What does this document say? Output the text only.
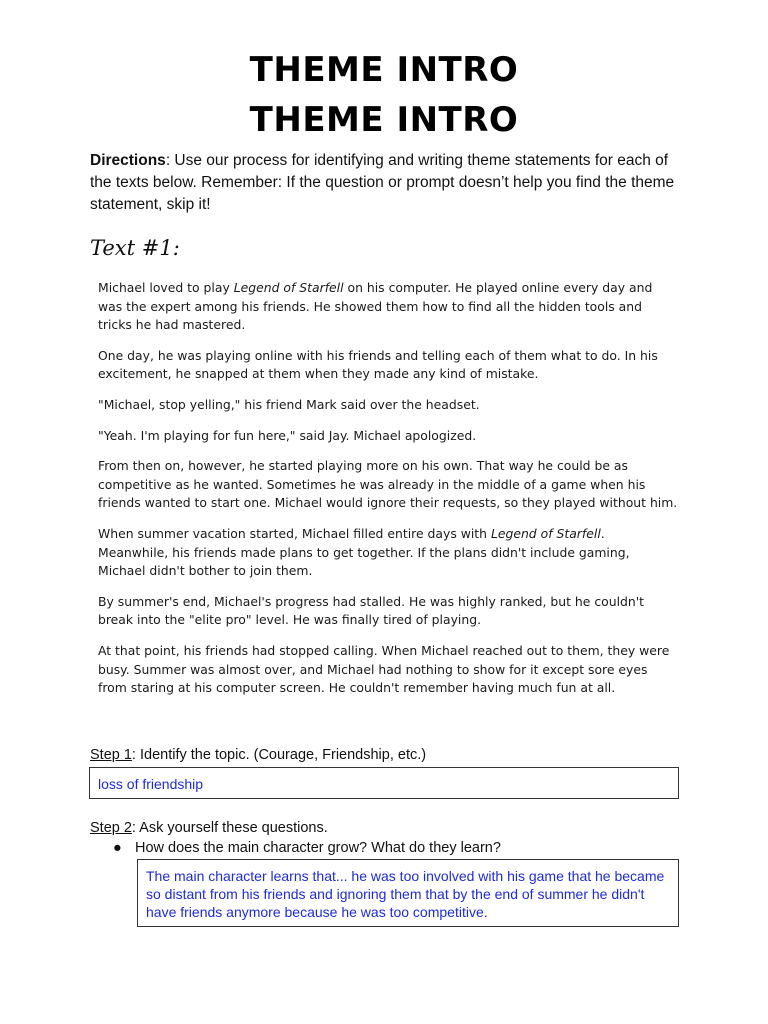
THEME INTRO
THEME INTRO
Directions: Use our process for identifying and writing theme statements for each of the texts below. Remember: If the question or prompt doesn’t help you find the theme statement, skip it!
Text #1:

Michael loved to play Legend of Starfell on his computer. He played online every day and was the expert among his friends. He showed them how to find all the hidden tools and tricks he had mastered.

One day, he was playing online with his friends and telling each of them what to do. In his excitement, he snapped at them when they made any kind of mistake.

"Michael, stop yelling," his friend Mark said over the headset.

"Yeah. I'm playing for fun here," said Jay. Michael apologized.

From then on, however, he started playing more on his own. That way he could be as competitive as he wanted. Sometimes he was already in the middle of a game when his friends wanted to start one. Michael would ignore their requests, so they played without him.

When summer vacation started, Michael filled entire days with Legend of Starfell. Meanwhile, his friends made plans to get together. If the plans didn't include gaming, Michael didn't bother to join them.

By summer's end, Michael's progress had stalled. He was highly ranked, but he couldn't break into the "elite pro" level. He was finally tired of playing.

At that point, his friends had stopped calling. When Michael reached out to them, they were busy. Summer was almost over, and Michael had nothing to show for it except sore eyes from staring at his computer screen. He couldn't remember having much fun at all.

Step 1: Identify the topic. (Courage, Friendship, etc.)
loss of friendship
Step 2: Ask yourself these questions.
● How does the main character grow? What do they learn?
The main character learns that... he was too involved with his game that he became so distant from his friends and ignoring them that by the end of summer he didn't have friends anymore because he was too competitive.
